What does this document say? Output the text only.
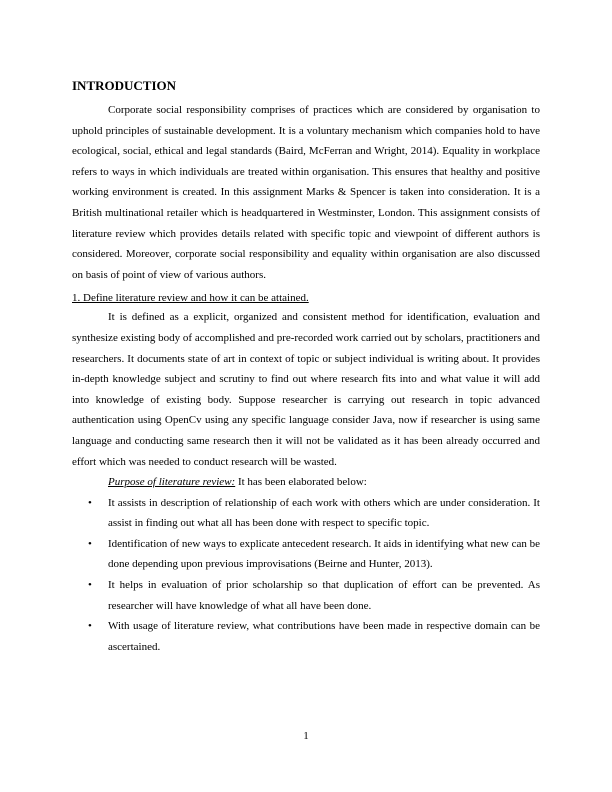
INTRODUCTION

Corporate social responsibility comprises of practices which are considered by organisation to uphold principles of sustainable development. It is a voluntary mechanism which companies hold to have ecological, social, ethical and legal standards (Baird, McFerran and Wright, 2014). Equality in workplace refers to ways in which individuals are treated within organisation. This ensures that healthy and positive working environment is created. In this assignment Marks & Spencer is taken into consideration. It is a British multinational retailer which is headquartered in Westminster, London. This assignment consists of literature review which provides details related with specific topic and viewpoint of different authors is considered. Moreover, corporate social responsibility and equality within organisation are also discussed on basis of point of view of various authors.

1. Define literature review and how it can be attained.

It is defined as a explicit, organized and consistent method for identification, evaluation and synthesize existing body of accomplished and pre-recorded work carried out by scholars, practitioners and researchers. It documents state of art in context of topic or subject individual is writing about. It provides in-depth knowledge subject and scrutiny to find out where research fits into and what value it will add into knowledge of existing body. Suppose researcher is carrying out research in topic advanced authentication using OpenCv using any specific language consider Java, now if researcher is using same language and conducting same research then it will not be validated as it has been already occurred and effort which was needed to conduct research will be wasted.

Purpose of literature review: It has been elaborated below:
• It assists in description of relationship of each work with others which are under consideration. It assist in finding out what all has been done with respect to specific topic.
• Identification of new ways to explicate antecedent research. It aids in identifying what new can be done depending upon previous improvisations (Beirne and Hunter, 2013).
• It helps in evaluation of prior scholarship so that duplication of effort can be prevented. As researcher will have knowledge of what all have been done.
• With usage of literature review, what contributions have been made in respective domain can be ascertained.
1
